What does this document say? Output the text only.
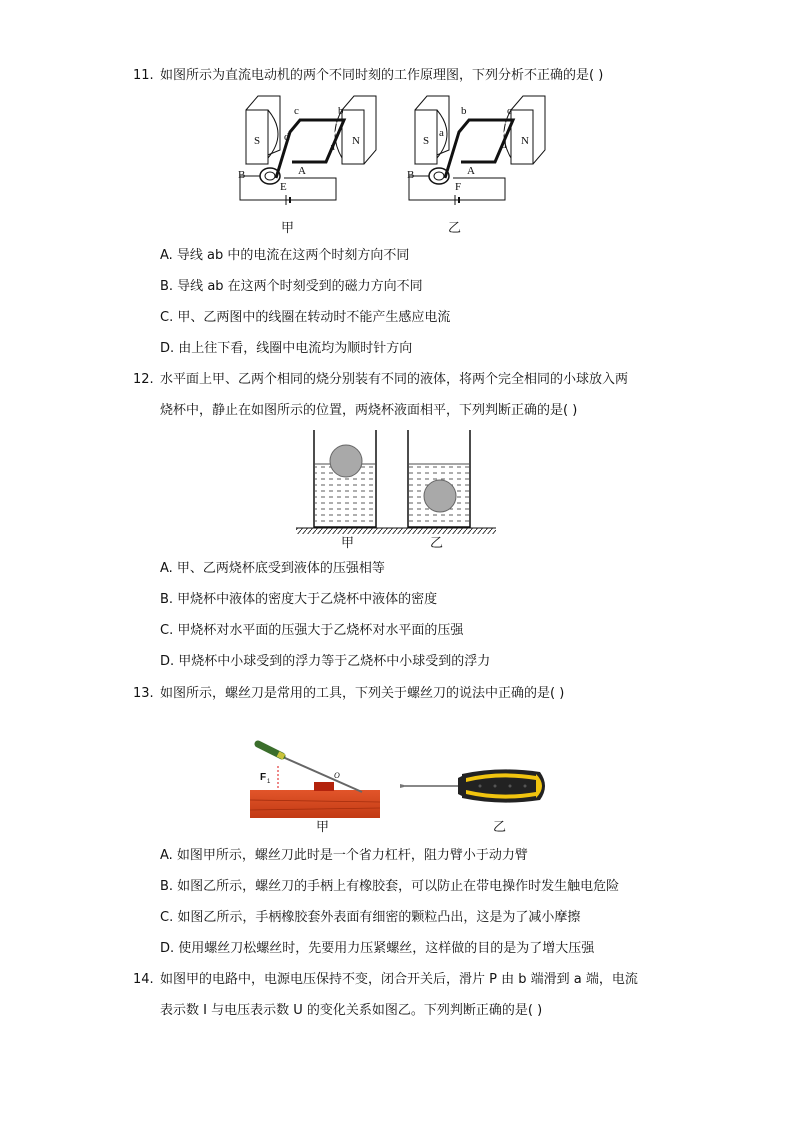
11. 如图所示为直流电动机的两个不同时刻的工作原理图，下列分析不正确的是( )
S	N
c	b
d
a
B	A
E
S	N
b	c
a
d
B	A
F
甲	乙
A. 导线 ab 中的电流在这两个时刻方向不同
B. 导线 ab 在这两个时刻受到的磁力方向不同
C. 甲、乙两图中的线圈在转动时不能产生感应电流
D. 由上往下看，线圈中电流均为顺时针方向
12. 水平面上甲、乙两个相同的烧分别装有不同的液体，将两个完全相同的小球放入两
烧杯中，静止在如图所示的位置，两烧杯液面相平，下列判断正确的是( )
甲	乙
A. 甲、乙两烧杯底受到液体的压强相等
B. 甲烧杯中液体的密度大于乙烧杯中液体的密度
C. 甲烧杯对水平面的压强大于乙烧杯对水平面的压强
D. 甲烧杯中小球受到的浮力等于乙烧杯中小球受到的浮力
13. 如图所示，螺丝刀是常用的工具，下列关于螺丝刀的说法中正确的是( )
F 1
O
甲	乙
A. 如图甲所示，螺丝刀此时是一个省力杠杆，阻力臂小于动力臂
B. 如图乙所示，螺丝刀的手柄上有橡胶套，可以防止在带电操作时发生触电危险
C. 如图乙所示，手柄橡胶套外表面有细密的颗粒凸出，这是为了减小摩擦
D. 使用螺丝刀松螺丝时，先要用力压紧螺丝，这样做的目的是为了增大压强
14. 如图甲的电路中，电源电压保持不变，闭合开关后，滑片 P 由 b 端滑到 a 端，电流
表示数 I 与电压表示数 U 的变化关系如图乙。下列判断正确的是( )
